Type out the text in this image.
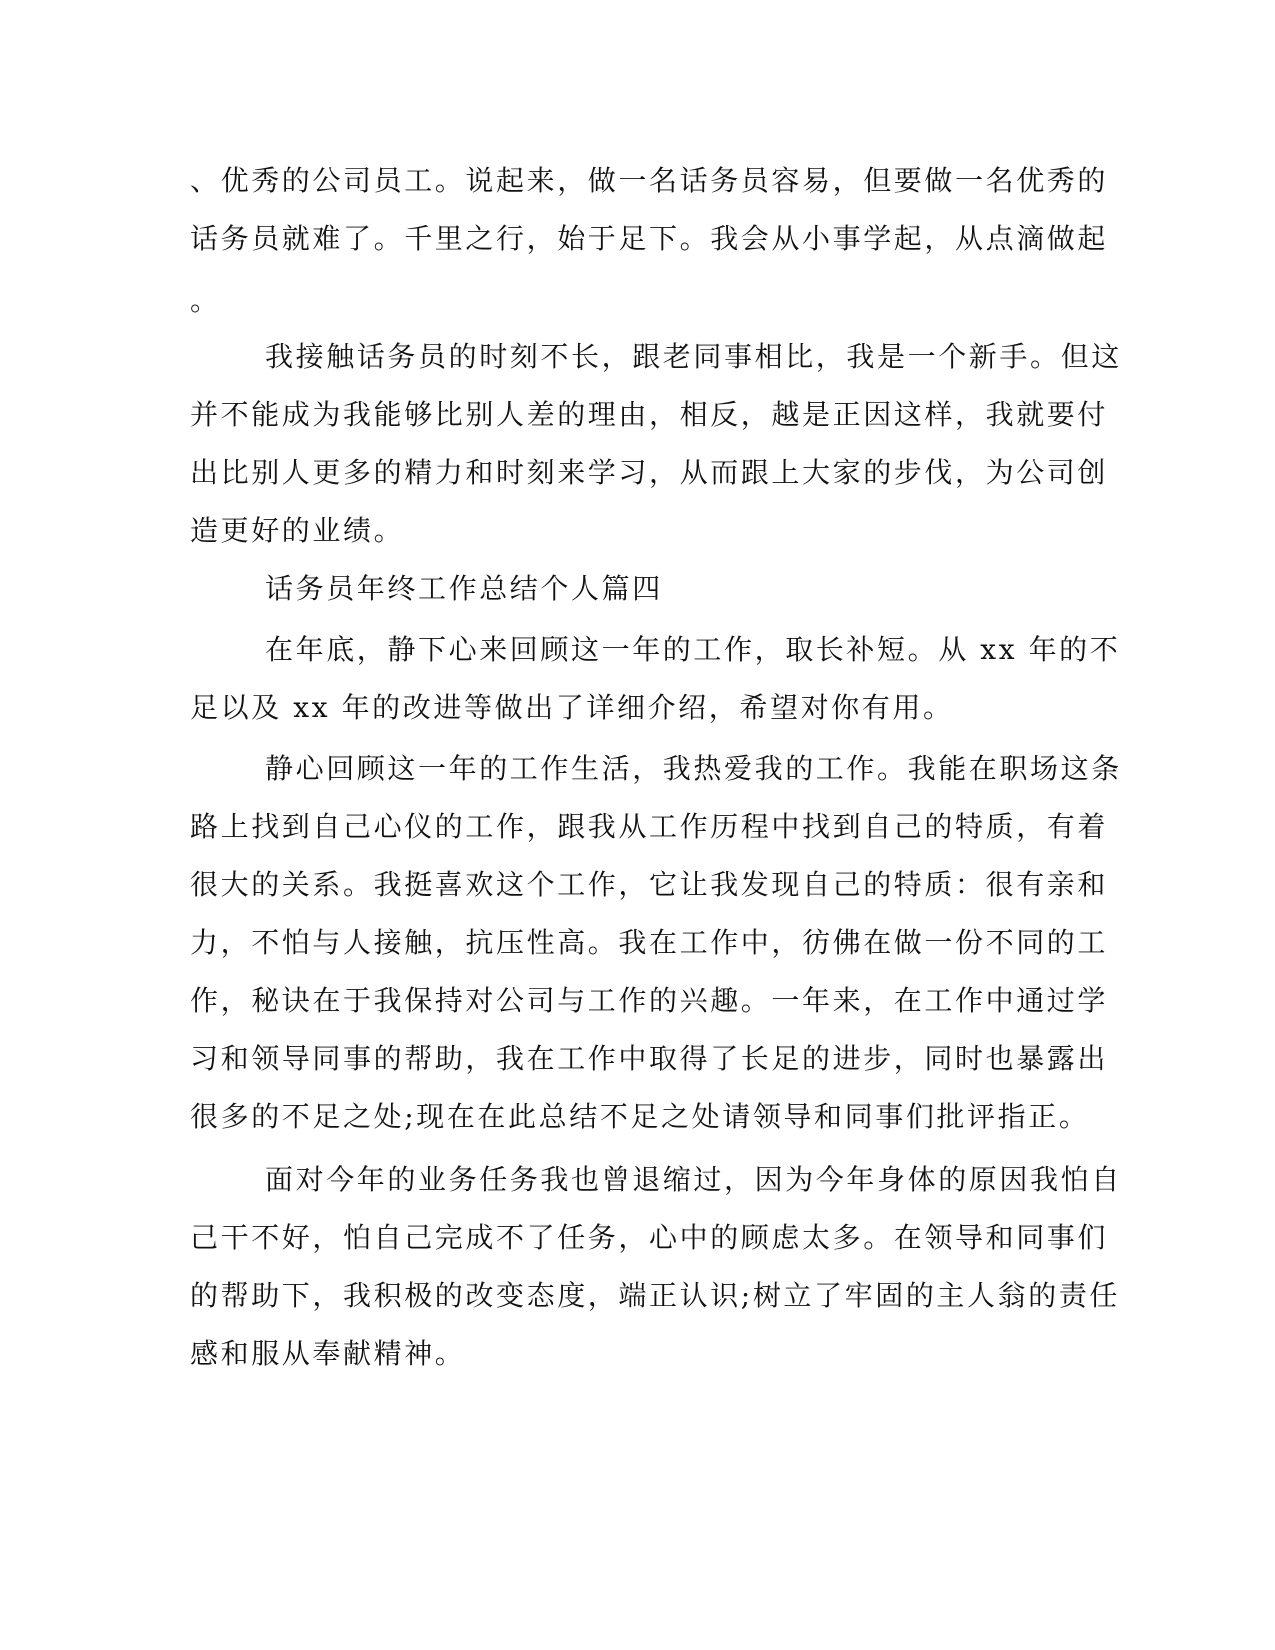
、优秀的公司员工。说起来，做一名话务员容易，但要做一名优秀的

话务员就难了。千里之行，始于足下。我会从小事学起，从点滴做起

。

我接触话务员的时刻不长，跟老同事相比，我是一个新手。但这

并不能成为我能够比别人差的理由，相反，越是正因这样，我就要付

出比别人更多的精力和时刻来学习，从而跟上大家的步伐，为公司创

造更好的业绩。

话务员年终工作总结个人篇四

在年底，静下心来回顾这一年的工作，取长补短。从 xx 年的不

足以及 xx 年的改进等做出了详细介绍，希望对你有用。

静心回顾这一年的工作生活，我热爱我的工作。我能在职场这条

路上找到自己心仪的工作，跟我从工作历程中找到自己的特质，有着

很大的关系。我挺喜欢这个工作，它让我发现自己的特质：很有亲和

力，不怕与人接触，抗压性高。我在工作中，彷佛在做一份不同的工

作，秘诀在于我保持对公司与工作的兴趣。一年来，在工作中通过学

习和领导同事的帮助，我在工作中取得了长足的进步，同时也暴露出

很多的不足之处;现在在此总结不足之处请领导和同事们批评指正。

面对今年的业务任务我也曾退缩过，因为今年身体的原因我怕自

己干不好，怕自己完成不了任务，心中的顾虑太多。在领导和同事们

的帮助下，我积极的改变态度，端正认识;树立了牢固的主人翁的责任

感和服从奉献精神。
